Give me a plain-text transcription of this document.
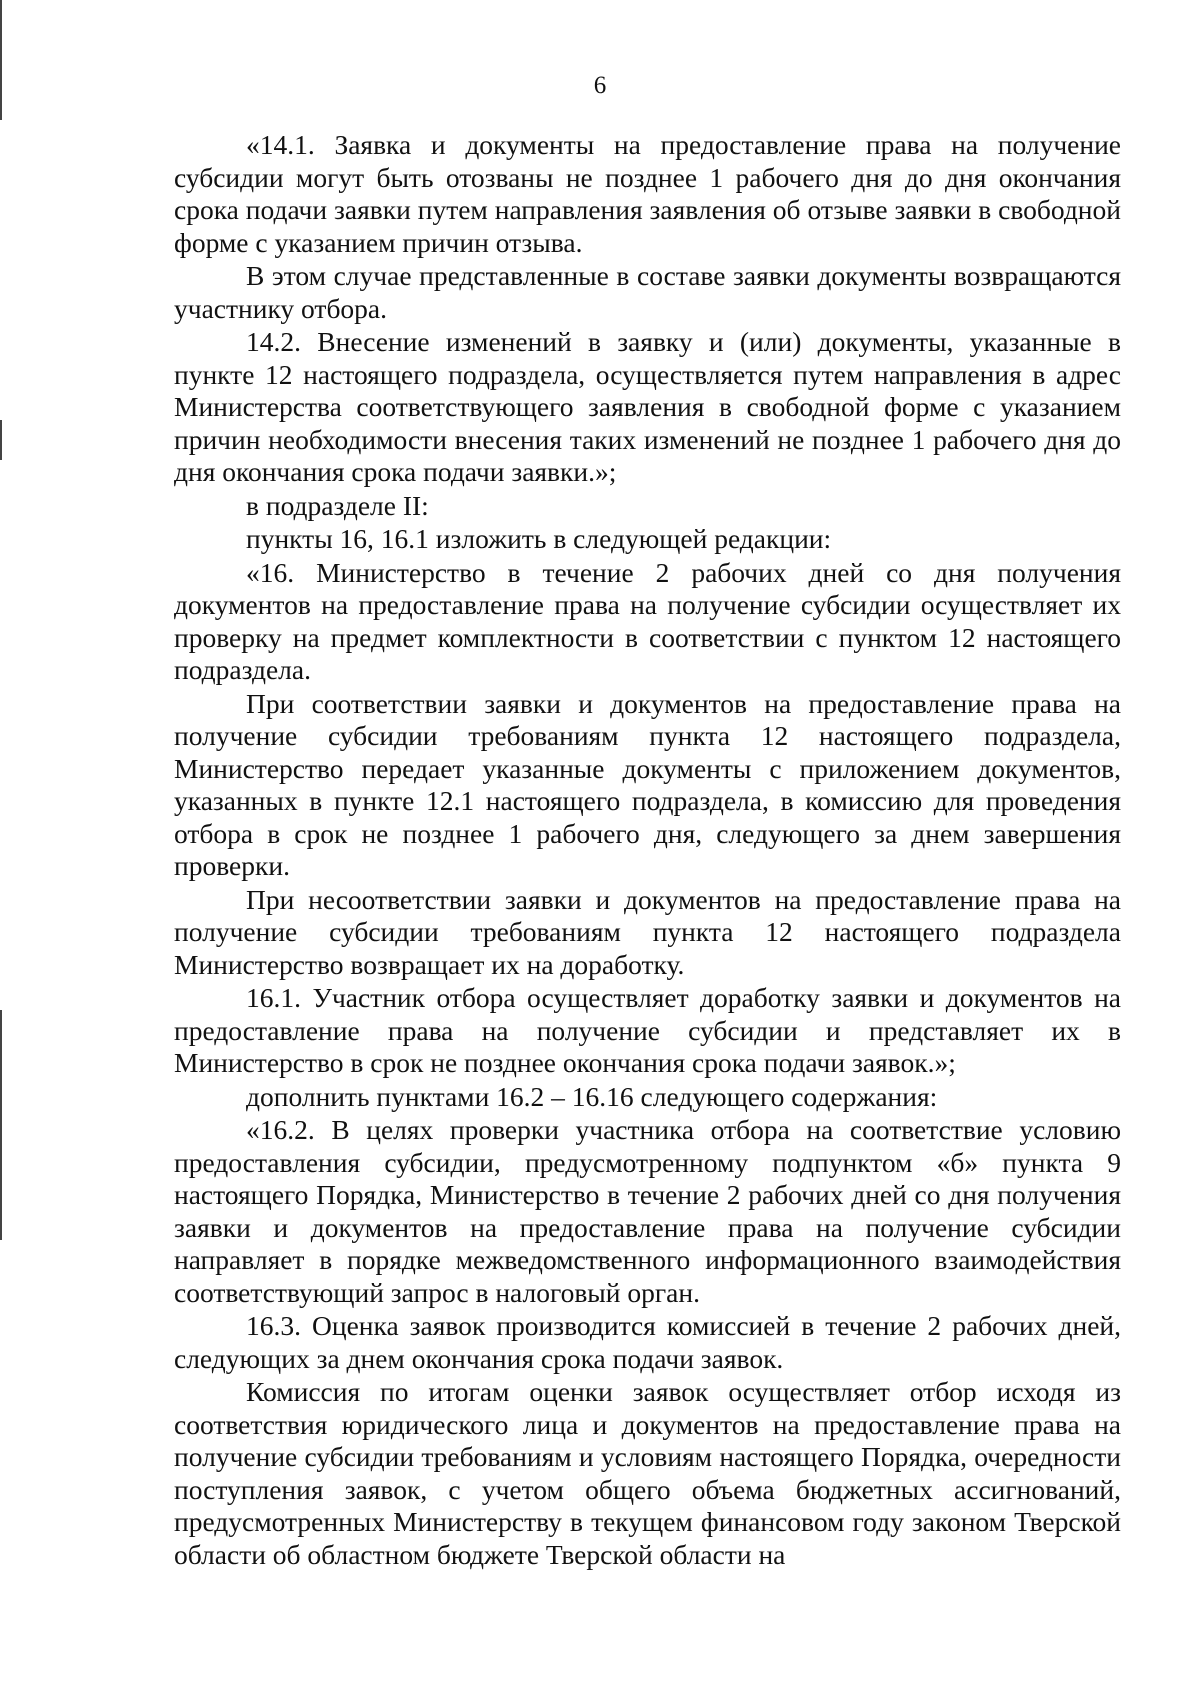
6

«14.1. Заявка и документы на предоставление права на получение субсидии могут быть отозваны не позднее 1 рабочего дня до дня окончания срока подачи заявки путем направления заявления об отзыве заявки в свободной форме с указанием причин отзыва.

В этом случае представленные в составе заявки документы возвращаются участнику отбора.

14.2. Внесение изменений в заявку и (или) документы, указанные в пункте 12 настоящего подраздела, осуществляется путем направления в адрес Министерства соответствующего заявления в свободной форме с указанием причин необходимости внесения таких изменений не позднее 1 рабочего дня до дня окончания срока подачи заявки.»;

в подразделе II:

пункты 16, 16.1 изложить в следующей редакции:

«16. Министерство в течение 2 рабочих дней со дня получения документов на предоставление права на получение субсидии осуществляет их проверку на предмет комплектности в соответствии с пунктом 12 настоящего подраздела.

При соответствии заявки и документов на предоставление права на получение субсидии требованиям пункта 12 настоящего подраздела, Министерство передает указанные документы с приложением документов, указанных в пункте 12.1 настоящего подраздела, в комиссию для проведения отбора в срок не позднее 1 рабочего дня, следующего за днем завершения проверки.

При несоответствии заявки и документов на предоставление права на получение субсидии требованиям пункта 12 настоящего подраздела Министерство возвращает их на доработку.

16.1. Участник отбора осуществляет доработку заявки и документов на предоставление права на получение субсидии и представляет их в Министерство в срок не позднее окончания срока подачи заявок.»;

дополнить пунктами 16.2 – 16.16 следующего содержания:

«16.2. В целях проверки участника отбора на соответствие условию предоставления субсидии, предусмотренному подпунктом «б» пункта 9 настоящего Порядка, Министерство в течение 2 рабочих дней со дня получения заявки и документов на предоставление права на получение субсидии направляет в порядке межведомственного информационного взаимодействия соответствующий запрос в налоговый орган.

16.3. Оценка заявок производится комиссией в течение 2 рабочих дней, следующих за днем окончания срока подачи заявок.

Комиссия по итогам оценки заявок осуществляет отбор исходя из соответствия юридического лица и документов на предоставление права на получение субсидии требованиям и условиям настоящего Порядка, очередности поступления заявок, с учетом общего объема бюджетных ассигнований, предусмотренных Министерству в текущем финансовом году законом Тверской области об областном бюджете Тверской области на
